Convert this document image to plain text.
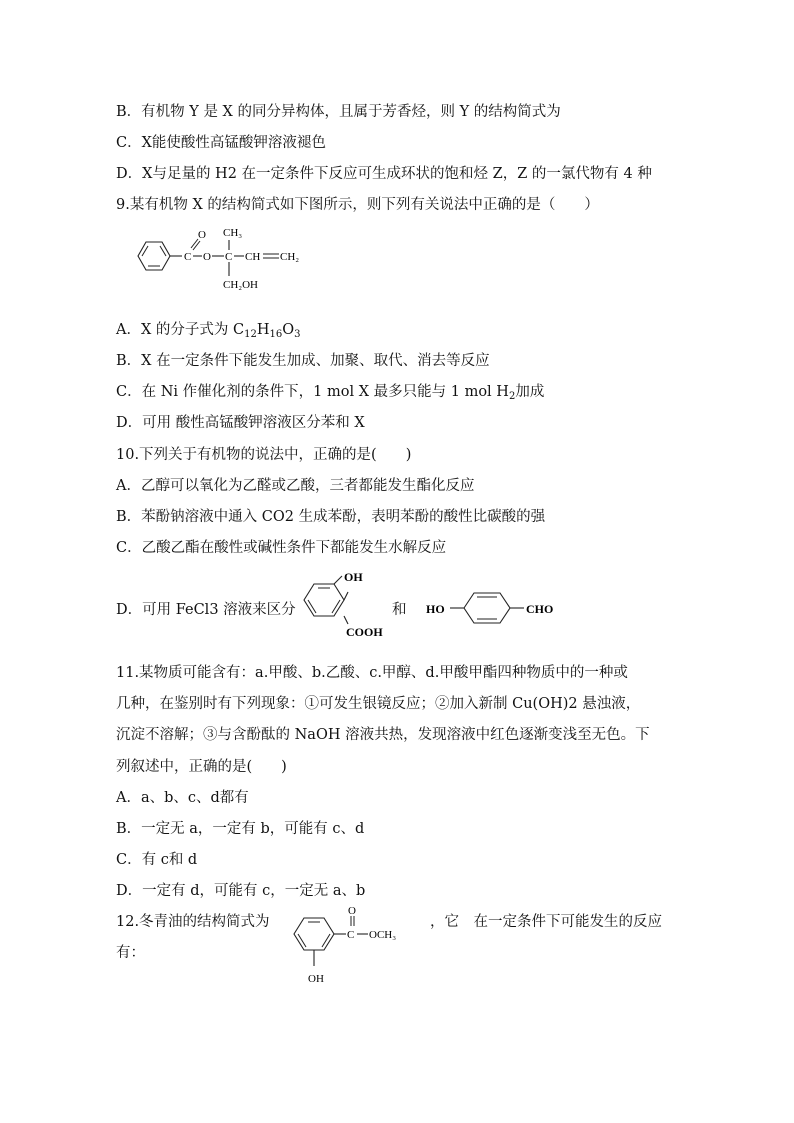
B．有机物 Y 是 X 的同分异构体，且属于芳香烃，则 Y 的结构简式为
C．X能使酸性高锰酸钾溶液褪色
D．X与足量的 H2 在一定条件下反应可生成环状的饱和烃 Z，Z 的一氯代物有 4 种
9.某有机物 X 的结构简式如下图所示，则下列有关说法中正确的是（　　）
C
O
O C
CH₃
CH CH₂
CH₂OH
A．X 的分子式为 $C_{12}H_{16}O_3$
B．X 在一定条件下能发生加成、加聚、取代、消去等反应
C．在 Ni 作催化剂的条件下，1 mol X 最多只能与 1 mol $H_2$加成
D．可用 酸性高锰酸钾溶液区分苯和 X
10.下列关于有机物的说法中，正确的是(　　)
A．乙醇可以氧化为乙醛或乙酸，三者都能发生酯化反应
B．苯酚钠溶液中通入 CO2 生成苯酚，表明苯酚的酸性比碳酸的强
C．乙酸乙酯在酸性或碱性条件下都能发生水解反应
D．可用 FeCl3 溶液来区分
OH
COOH
和 HO	CHO
11.某物质可能含有：a.甲酸、b.乙酸、c.甲醇、d.甲酸甲酯四种物质中的一种或
几种，在鉴别时有下列现象：①可发生银镜反应；②加入新制 Cu(OH)2 悬浊液，
沉淀不溶解；③与含酚酞的 NaOH 溶液共热，发现溶液中红色逐渐变浅至无色。下
列叙述中，正确的是(　　)
A．a、b、c、d都有
B．一定无 a，一定有 b，可能有 c、d
C．有 c和 d
D．一定有 d，可能有 c，一定无 a、b
12.冬青油的结构简式为
C
O
OCH₃
OH
，它　在一定条件下可能发生的反应
有：
